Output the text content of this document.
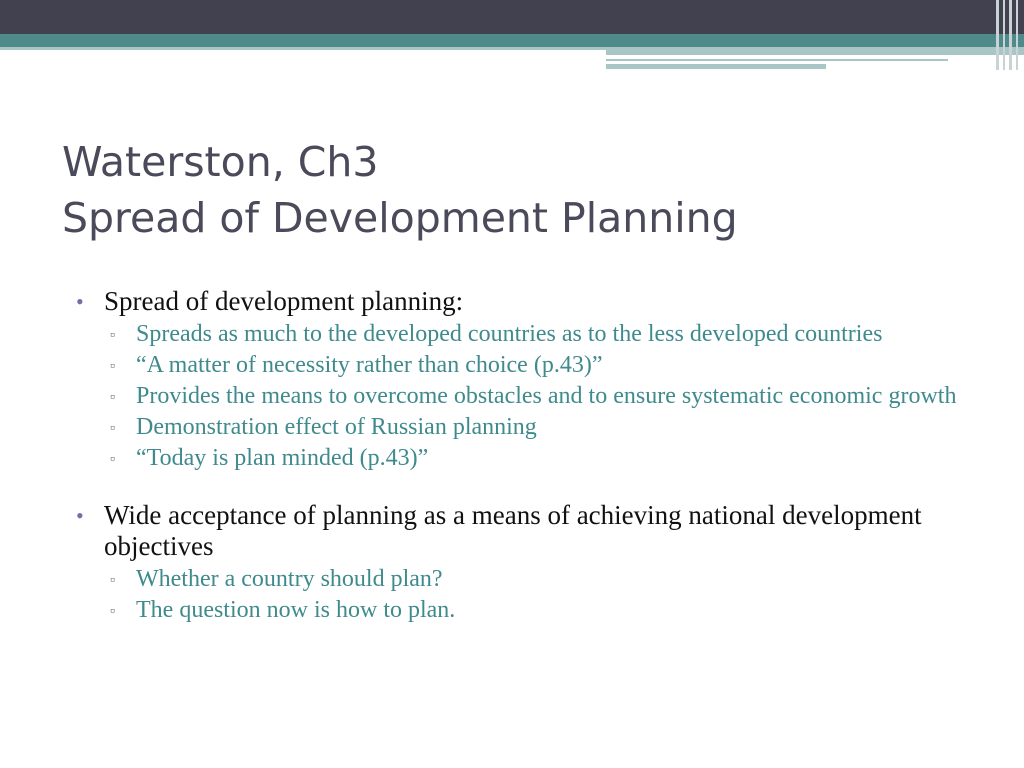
Waterston, Ch3
Spread of Development Planning
• Spread of development planning:
▫ Spreads as much to the developed countries as to the less developed countries
▫ “A matter of necessity rather than choice (p.43)”
▫ Provides the means to overcome obstacles and to ensure systematic economic growth
▫ Demonstration effect of Russian planning
▫ “Today is plan minded (p.43)”
• Wide acceptance of planning as a means of achieving national development objectives
▫ Whether a country should plan?
▫ The question now is how to plan.
